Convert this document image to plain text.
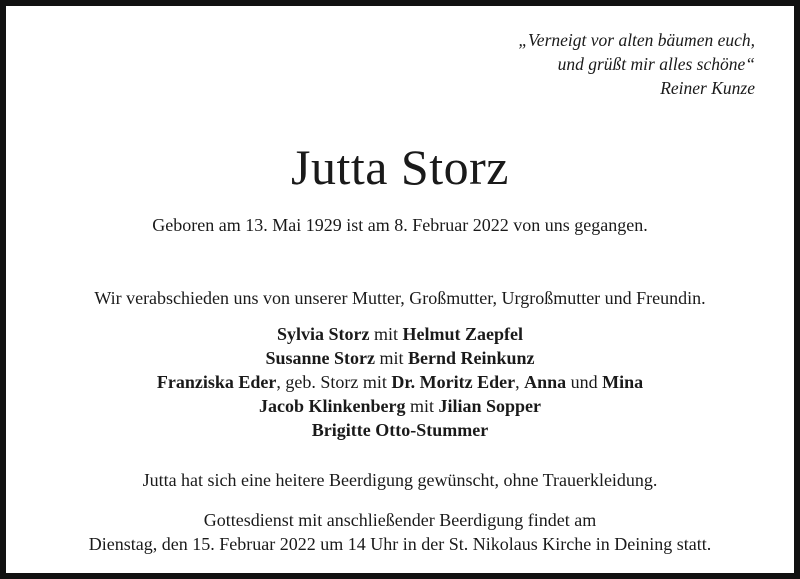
„Verneigt vor alten bäumen euch,
und grüßt mir alles schöne“
Reiner Kunze
Jutta Storz
Geboren am 13. Mai 1929 ist am 8. Februar 2022 von uns gegangen.
Wir verabschieden uns von unserer Mutter, Großmutter, Urgroßmutter und Freundin.
Sylvia Storz mit Helmut Zaepfel
Susanne Storz mit Bernd Reinkunz
Franziska Eder, geb. Storz mit Dr. Moritz Eder, Anna und Mina
Jacob Klinkenberg mit Jilian Sopper
Brigitte Otto-Stummer
Jutta hat sich eine heitere Beerdigung gewünscht, ohne Trauerkleidung.
Gottesdienst mit anschließender Beerdigung findet am
Dienstag, den 15. Februar 2022 um 14 Uhr in der St. Nikolaus Kirche in Deining statt.
